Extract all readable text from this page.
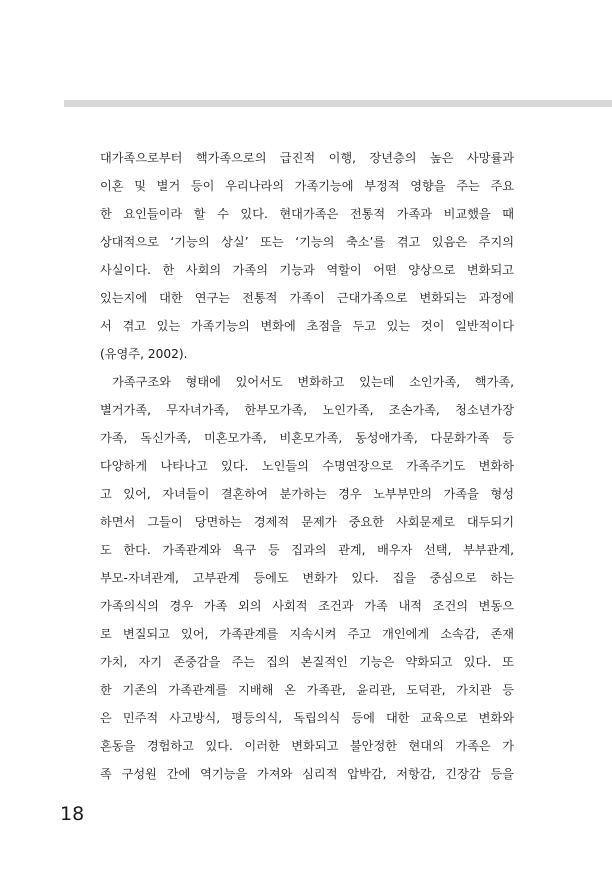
대가족으로부터 핵가족으로의 급진적 이행, 장년층의 높은 사망률과
이혼 및 별거 등이 우리나라의 가족기능에 부정적 영향을 주는 주요
한 요인들이라 할 수 있다. 현대가족은 전통적 가족과 비교했을 때
상대적으로 ‘기능의 상실’ 또는 ‘기능의 축소’를 겪고 있음은 주지의
사실이다. 한 사회의 가족의 기능과 역할이 어떤 양상으로 변화되고
있는지에 대한 연구는 전통적 가족이 근대가족으로 변화되는 과정에
서 겪고 있는 가족기능의 변화에 초점을 두고 있는 것이 일반적이다
(유영주, 2002).
가족구조와 형태에 있어서도 변화하고 있는데 소인가족, 핵가족,
별거가족, 무자녀가족, 한부모가족, 노인가족, 조손가족, 청소년가장
가족, 독신가족, 미혼모가족, 비혼모가족, 동성애가족, 다문화가족 등
다양하게 나타나고 있다. 노인들의 수명연장으로 가족주기도 변화하
고 있어, 자녀들이 결혼하여 분가하는 경우 노부부만의 가족을 형성
하면서 그들이 당면하는 경제적 문제가 중요한 사회문제로 대두되기
도 한다. 가족관계와 욕구 등 집과의 관계, 배우자 선택, 부부관계,
부모-자녀관계, 고부관계 등에도 변화가 있다. 집을 중심으로 하는
가족의식의 경우 가족 외의 사회적 조건과 가족 내적 조건의 변동으
로 변질되고 있어, 가족관계를 지속시켜 주고 개인에게 소속감, 존재
가치, 자기 존중감을 주는 집의 본질적인 기능은 약화되고 있다. 또
한 기존의 가족관계를 지배해 온 가족관, 윤리관, 도덕관, 가치관 등
은 민주적 사고방식, 평등의식, 독립의식 등에 대한 교육으로 변화와
혼동을 경험하고 있다. 이러한 변화되고 불안정한 현대의 가족은 가
족 구성원 간에 역기능을 가져와 심리적 압박감, 저항감, 긴장감 등을
18
